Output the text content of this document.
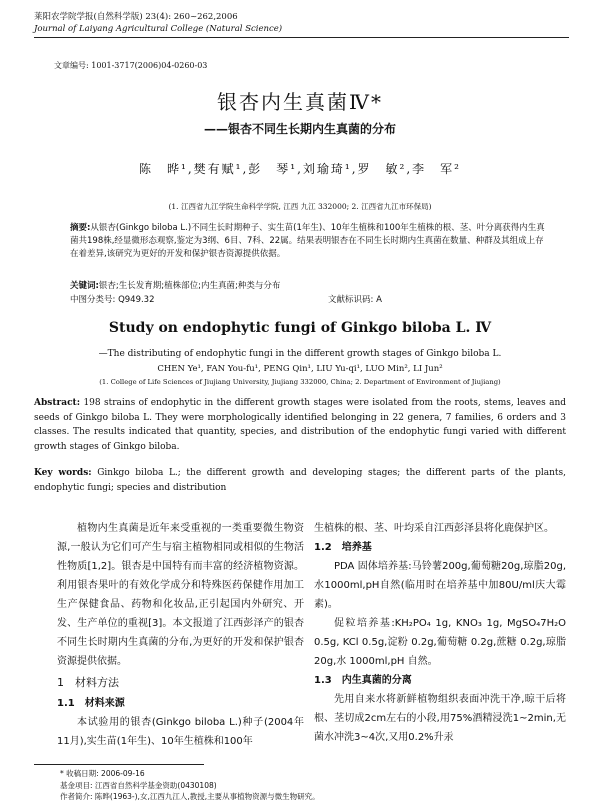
莱阳农学院学报(自然科学版) 23(4): 260~262,2006
Journal of Laiyang Agricultural College (Natural Science)
文章编号: 1001-3717(2006)04-0260-03
银杏内生真菌Ⅳ*
——银杏不同生长期内生真菌的分布
陈　晔¹,樊有赋¹,彭　琴¹,刘瑜琦¹,罗　敏²,李　军²
(1. 江西省九江学院生命科学学院, 江西 九江 332000; 2. 江西省九江市环保局)
摘要:从银杏(Ginkgo biloba L.)不同生长时期种子、实生苗(1年生)、10年生植株和100年生植株的根、茎、叶分离获得内生真菌共198株,经显微形态观察,鉴定为3纲、6目、7科、22属。结果表明银杏在不同生长时期内生真菌在数量、种群及其组成上存在着差异,该研究为更好的开发和保护银杏资源提供依据。
关键词:银杏;生长发育期;植株部位;内生真菌;种类与分布
中图分类号: Q949.32	文献标识码: A
Study on endophytic fungi of Ginkgo biloba L. Ⅳ
—The distributing of endophytic fungi in the different growth stages of Ginkgo biloba L.
CHEN Ye¹, FAN You-fu¹, PENG Qin¹, LIU Yu-qi¹, LUO Min², LI Jun²
(1. College of Life Sciences of Jiujiang University, Jiujiang 332000, China; 2. Department of Environment of Jiujiang)
Abstract: 198 strains of endophytic in the different growth stages were isolated from the roots, stems, leaves and seeds of Ginkgo biloba L. They were morphologically identified belonging in 22 genera, 7 families, 6 orders and 3 classes. The results indicated that quantity, species, and distribution of the endophytic fungi varied with different growth stages of Ginkgo biloba.
Key words: Ginkgo biloba L.; the different growth and developing stages; the different parts of the plants, endophytic fungi; species and distribution

植物内生真菌是近年来受重视的一类重要微生物资源,一般认为它们可产生与宿主植物相同或相似的生物活性物质[1,2]。银杏是中国特有而丰富的经济植物资源。利用银杏果叶的有效化学成分和特殊医药保健作用加工生产保健食品、药物和化妆品,正引起国内外研究、开发、生产单位的重视[3]。本文报道了江西彭泽产的银杏不同生长时期内生真菌的分布,为更好的开发和保护银杏资源提供依据。

1　材料方法
1.1　材料来源

本试验用的银杏(Ginkgo biloba L.)种子(2004年11月),实生苗(1年生)、10年生植株和100年

生植株的根、茎、叶均采自江西彭泽县将化鹿保护区。

1.2　培养基

PDA 固体培养基:马铃薯200g,葡萄糖20g,琼脂20g,水1000ml,pH自然(临用时在培养基中加80U/ml庆大霉素)。

促粒培养基:KH₂PO₄ 1g, KNO₃ 1g, MgSO₄7H₂O 0.5g, KCl 0.5g,淀粉 0.2g,葡萄糖 0.2g,蔗糖 0.2g,琼脂 20g,水 1000ml,pH 自然。

1.3　内生真菌的分离

先用自来水将新鲜植物组织表面冲洗干净,晾干后将根、茎切成2cm左右的小段,用75%酒精浸洗1~2min,无菌水冲洗3~4次,又用0.2%升汞

* 收稿日期: 2006-09-16
基金项目: 江西省自然科学基金资助(0430108)
作者简介: 陈晔(1963-),女,江西九江人,教授,主要从事植物资源与微生物研究。
